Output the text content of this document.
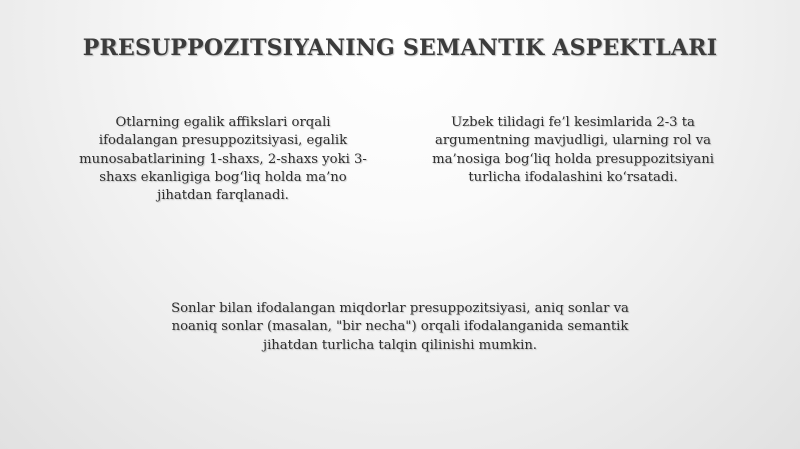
PRESUPPOZITSIYANING SEMANTIK ASPEKTLARI

Otlarning egalik affikslari orqali
ifodalangan presuppozitsiyasi, egalik
munosabatlarining 1-shaxs, 2-shaxs yoki 3-
shaxs ekanligiga bog‘liq holda ma’no
jihatdan farqlanadi.

Uzbek tilidagi fe’l kesimlarida 2-3 ta
argumentning mavjudligi, ularning rol va
ma’nosiga bog‘liq holda presuppozitsiyani
turlicha ifodalashini ko‘rsatadi.

Sonlar bilan ifodalangan miqdorlar presuppozitsiyasi, aniq sonlar va
noaniq sonlar (masalan, "bir necha") orqali ifodalanganida semantik
jihatdan turlicha talqin qilinishi mumkin.
